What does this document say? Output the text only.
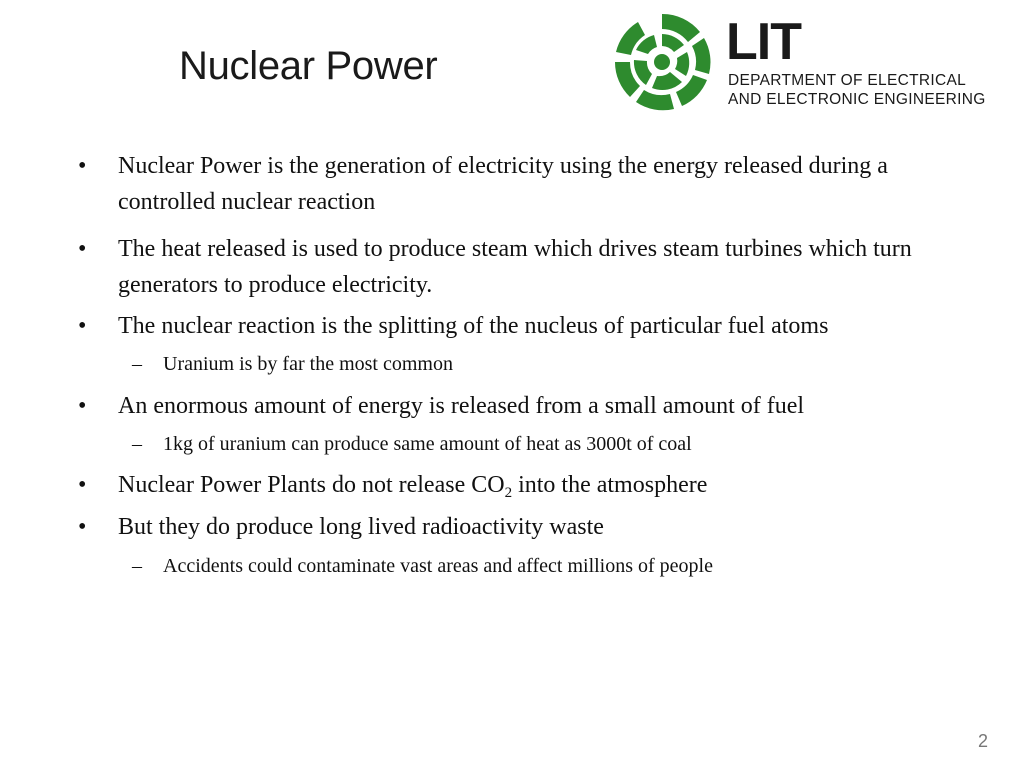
Nuclear Power	LIT
DEPARTMENT OF ELECTRICAL
AND ELECTRONIC ENGINEERING
•	Nuclear Power is the generation of electricity using the energy released during a controlled nuclear reaction
•	The heat released is used to produce steam which drives steam turbines which turn generators to produce electricity.
•	The nuclear reaction is the splitting of the nucleus of particular fuel atoms
– Uranium is by far the most common
•	An enormous amount of energy is released from a small amount of fuel
– 1kg of uranium can produce same amount of heat as 3000t of coal
•	Nuclear Power Plants do not release $CO_2$ into the atmosphere
•	But they do produce long lived radioactivity waste
– Accidents could contaminate vast areas and affect millions of people
2
